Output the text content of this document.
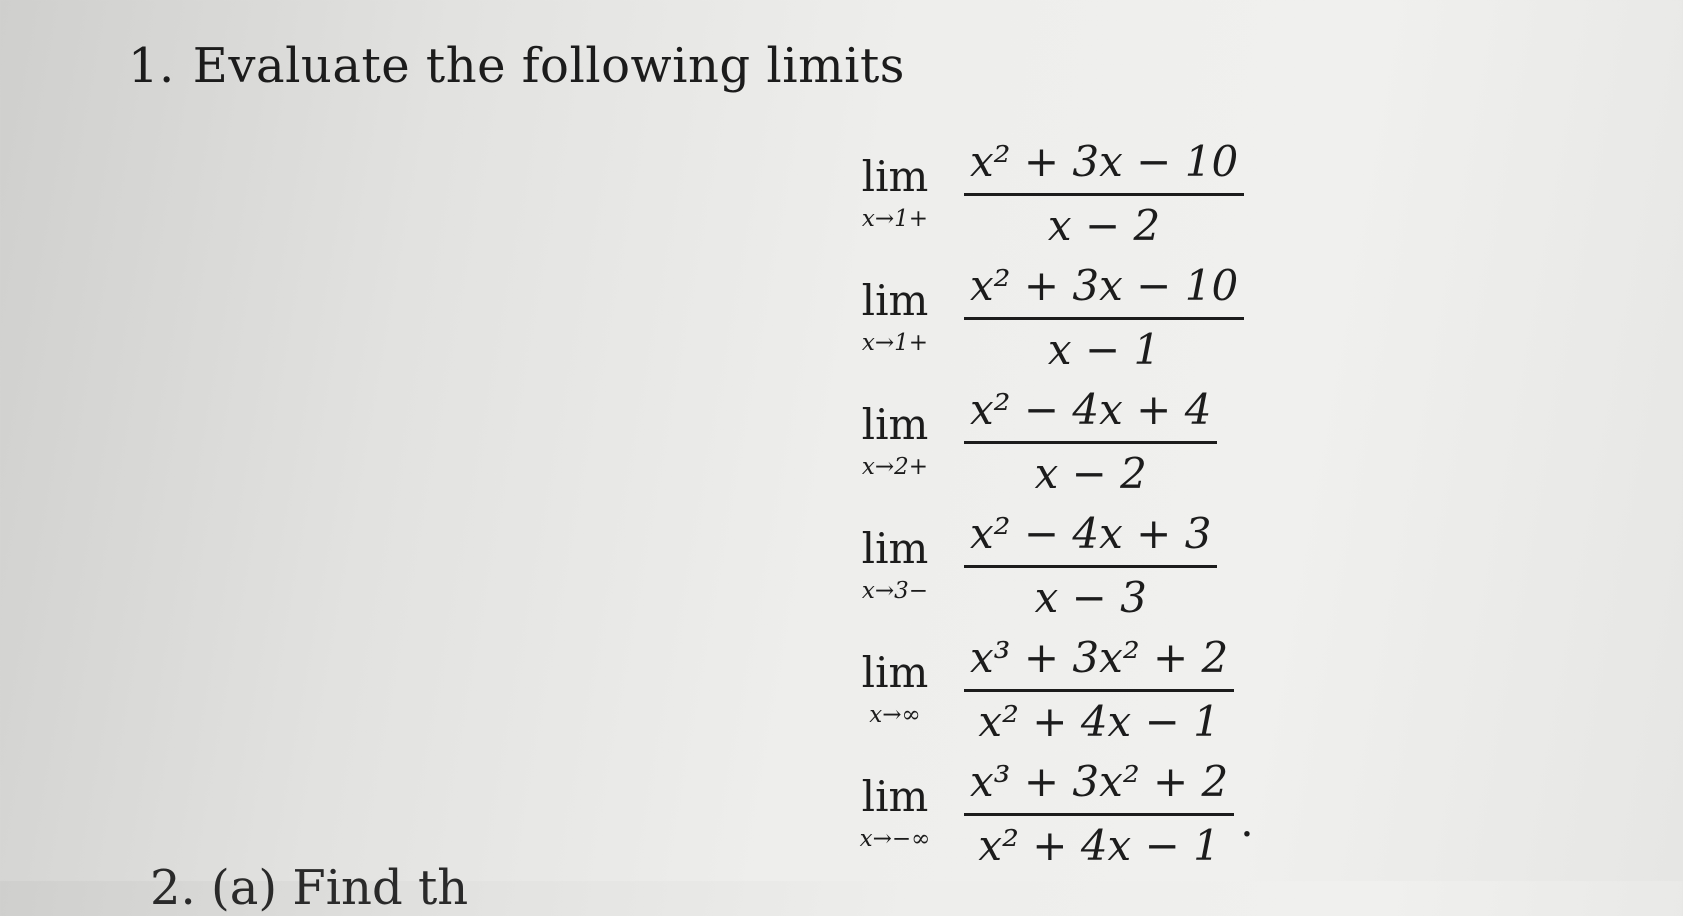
1. Evaluate the following limits
lim
$x\to 1+ \frac{\text{x² + 3x − 10}}{x - 2}$
lim
$x\to 1+ \frac{\text{x² + 3x − 10}}{x - 1}$
lim
$x\to 2+ \frac{\text{x² − 4x + 4}}{x - 2}$
lim
$x\to 3- \frac{\text{x² − 4x + 3}}{x - 3}$
lim
$x\to\infty \frac{\text{x³ + 3x² + 2}}{\text{x² + 4x − 1}}$
lim
$x\to-\infty \frac{\text{x³ + 3x² + 2}}{\text{x² + 4x − 1}}$ .
2. (a) Find th
